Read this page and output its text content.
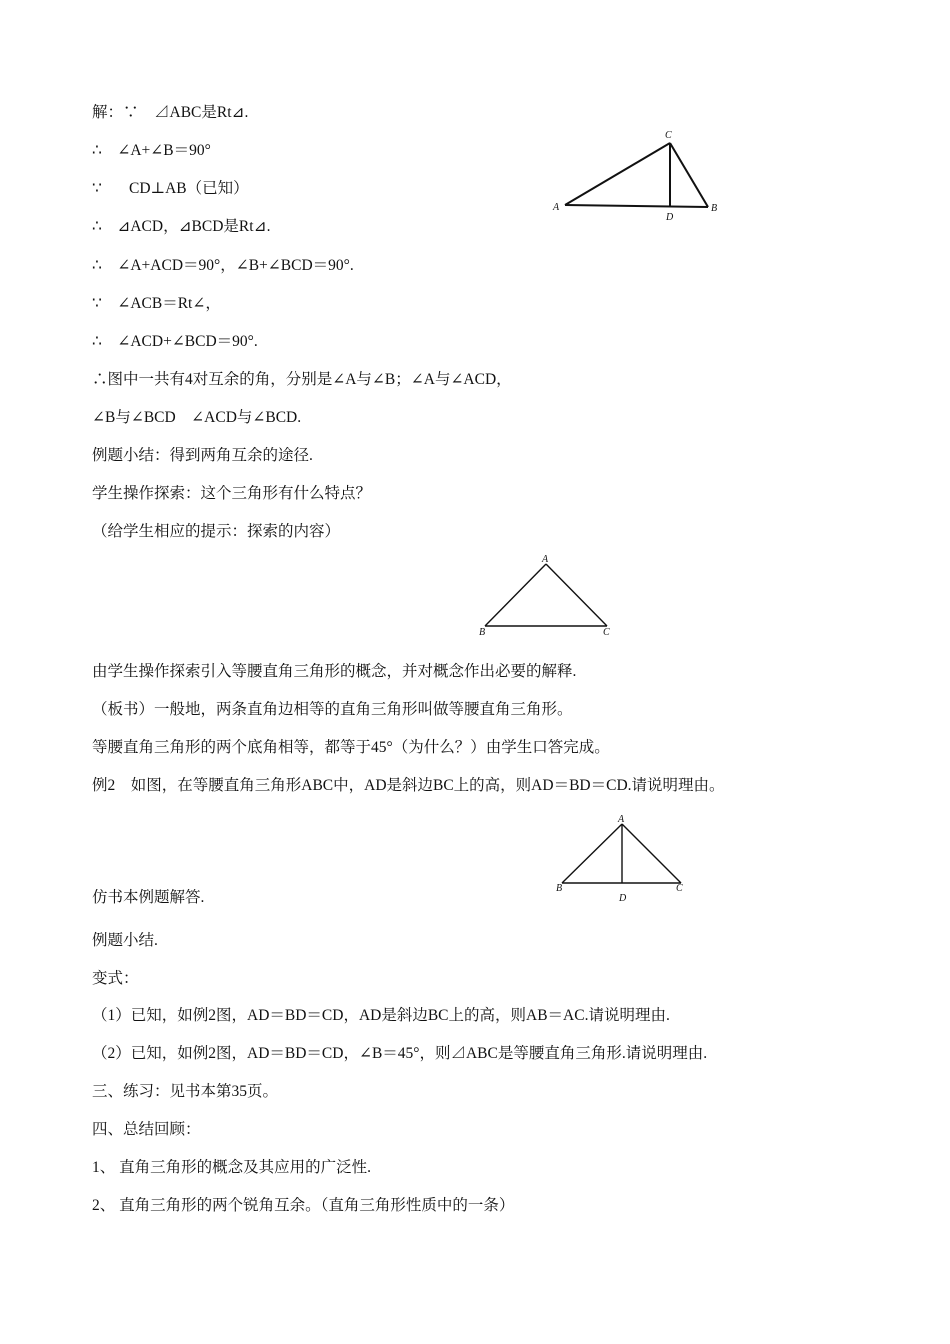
解：∵    ⊿ABC是Rt⊿.
∴    ∠A+∠B＝90°
∵       CD⊥AB（已知）
∴    ⊿ACD，⊿BCD是Rt⊿.
∴    ∠A+ACD＝90°，∠B+∠BCD＝90°.
∵    ∠ACB＝Rt∠，
∴    ∠ACD+∠BCD＝90°.
∴图中一共有4对互余的角，分别是∠A与∠B；∠A与∠ACD，
∠B与∠BCD    ∠ACD与∠BCD.
例题小结：得到两角互余的途径.
学生操作探索：这个三角形有什么特点？
（给学生相应的提示：探索的内容）
由学生操作探索引入等腰直角三角形的概念，并对概念作出必要的解释.
（板书）一般地，两条直角边相等的直角三角形叫做等腰直角三角形。
等腰直角三角形的两个底角相等，都等于45°（为什么？）由学生口答完成。
例2    如图，在等腰直角三角形ABC中，AD是斜边BC上的高，则AD＝BD＝CD.请说明理由。
仿书本例题解答.
例题小结.
变式：
（1）已知，如例2图，AD＝BD＝CD，AD是斜边BC上的高，则AB＝AC.请说明理由.
（2）已知，如例2图，AD＝BD＝CD，∠B＝45°，则⊿ABC是等腰直角三角形.请说明理由.
三、练习：见书本第35页。
四、总结回顾：
1、 直角三角形的概念及其应用的广泛性.
2、 直角三角形的两个锐角互余。（直角三角形性质中的一条）
A	B
C
D
A
B	C
A
B	C
D
